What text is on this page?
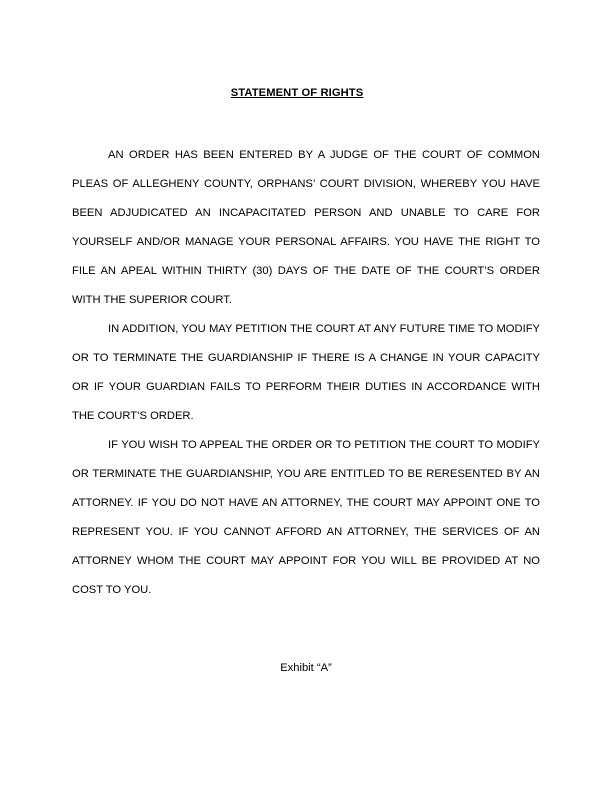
STATEMENT OF RIGHTS

AN ORDER HAS BEEN ENTERED BY A JUDGE OF THE COURT OF COMMON PLEAS OF ALLEGHENY COUNTY, ORPHANS’ COURT DIVISION, WHEREBY YOU HAVE BEEN ADJUDICATED AN INCAPACITATED PERSON AND UNABLE TO CARE FOR YOURSELF AND/OR MANAGE YOUR PERSONAL AFFAIRS. YOU HAVE THE RIGHT TO FILE AN APEAL WITHIN THIRTY (30) DAYS OF THE DATE OF THE COURT’S ORDER WITH THE SUPERIOR COURT.

IN ADDITION, YOU MAY PETITION THE COURT AT ANY FUTURE TIME TO MODIFY OR TO TERMINATE THE GUARDIANSHIP IF THERE IS A CHANGE IN YOUR CAPACITY OR IF YOUR GUARDIAN FAILS TO PERFORM THEIR DUTIES IN ACCORDANCE WITH THE COURT’S ORDER.

IF YOU WISH TO APPEAL THE ORDER OR TO PETITION THE COURT TO MODIFY OR TERMINATE THE GUARDIANSHIP, YOU ARE ENTITLED TO BE RERESENTED BY AN ATTORNEY. IF YOU DO NOT HAVE AN ATTORNEY, THE COURT MAY APPOINT ONE TO REPRESENT YOU. IF YOU CANNOT AFFORD AN ATTORNEY, THE SERVICES OF AN ATTORNEY WHOM THE COURT MAY APPOINT FOR YOU WILL BE PROVIDED AT NO COST TO YOU.

Exhibit “A”
